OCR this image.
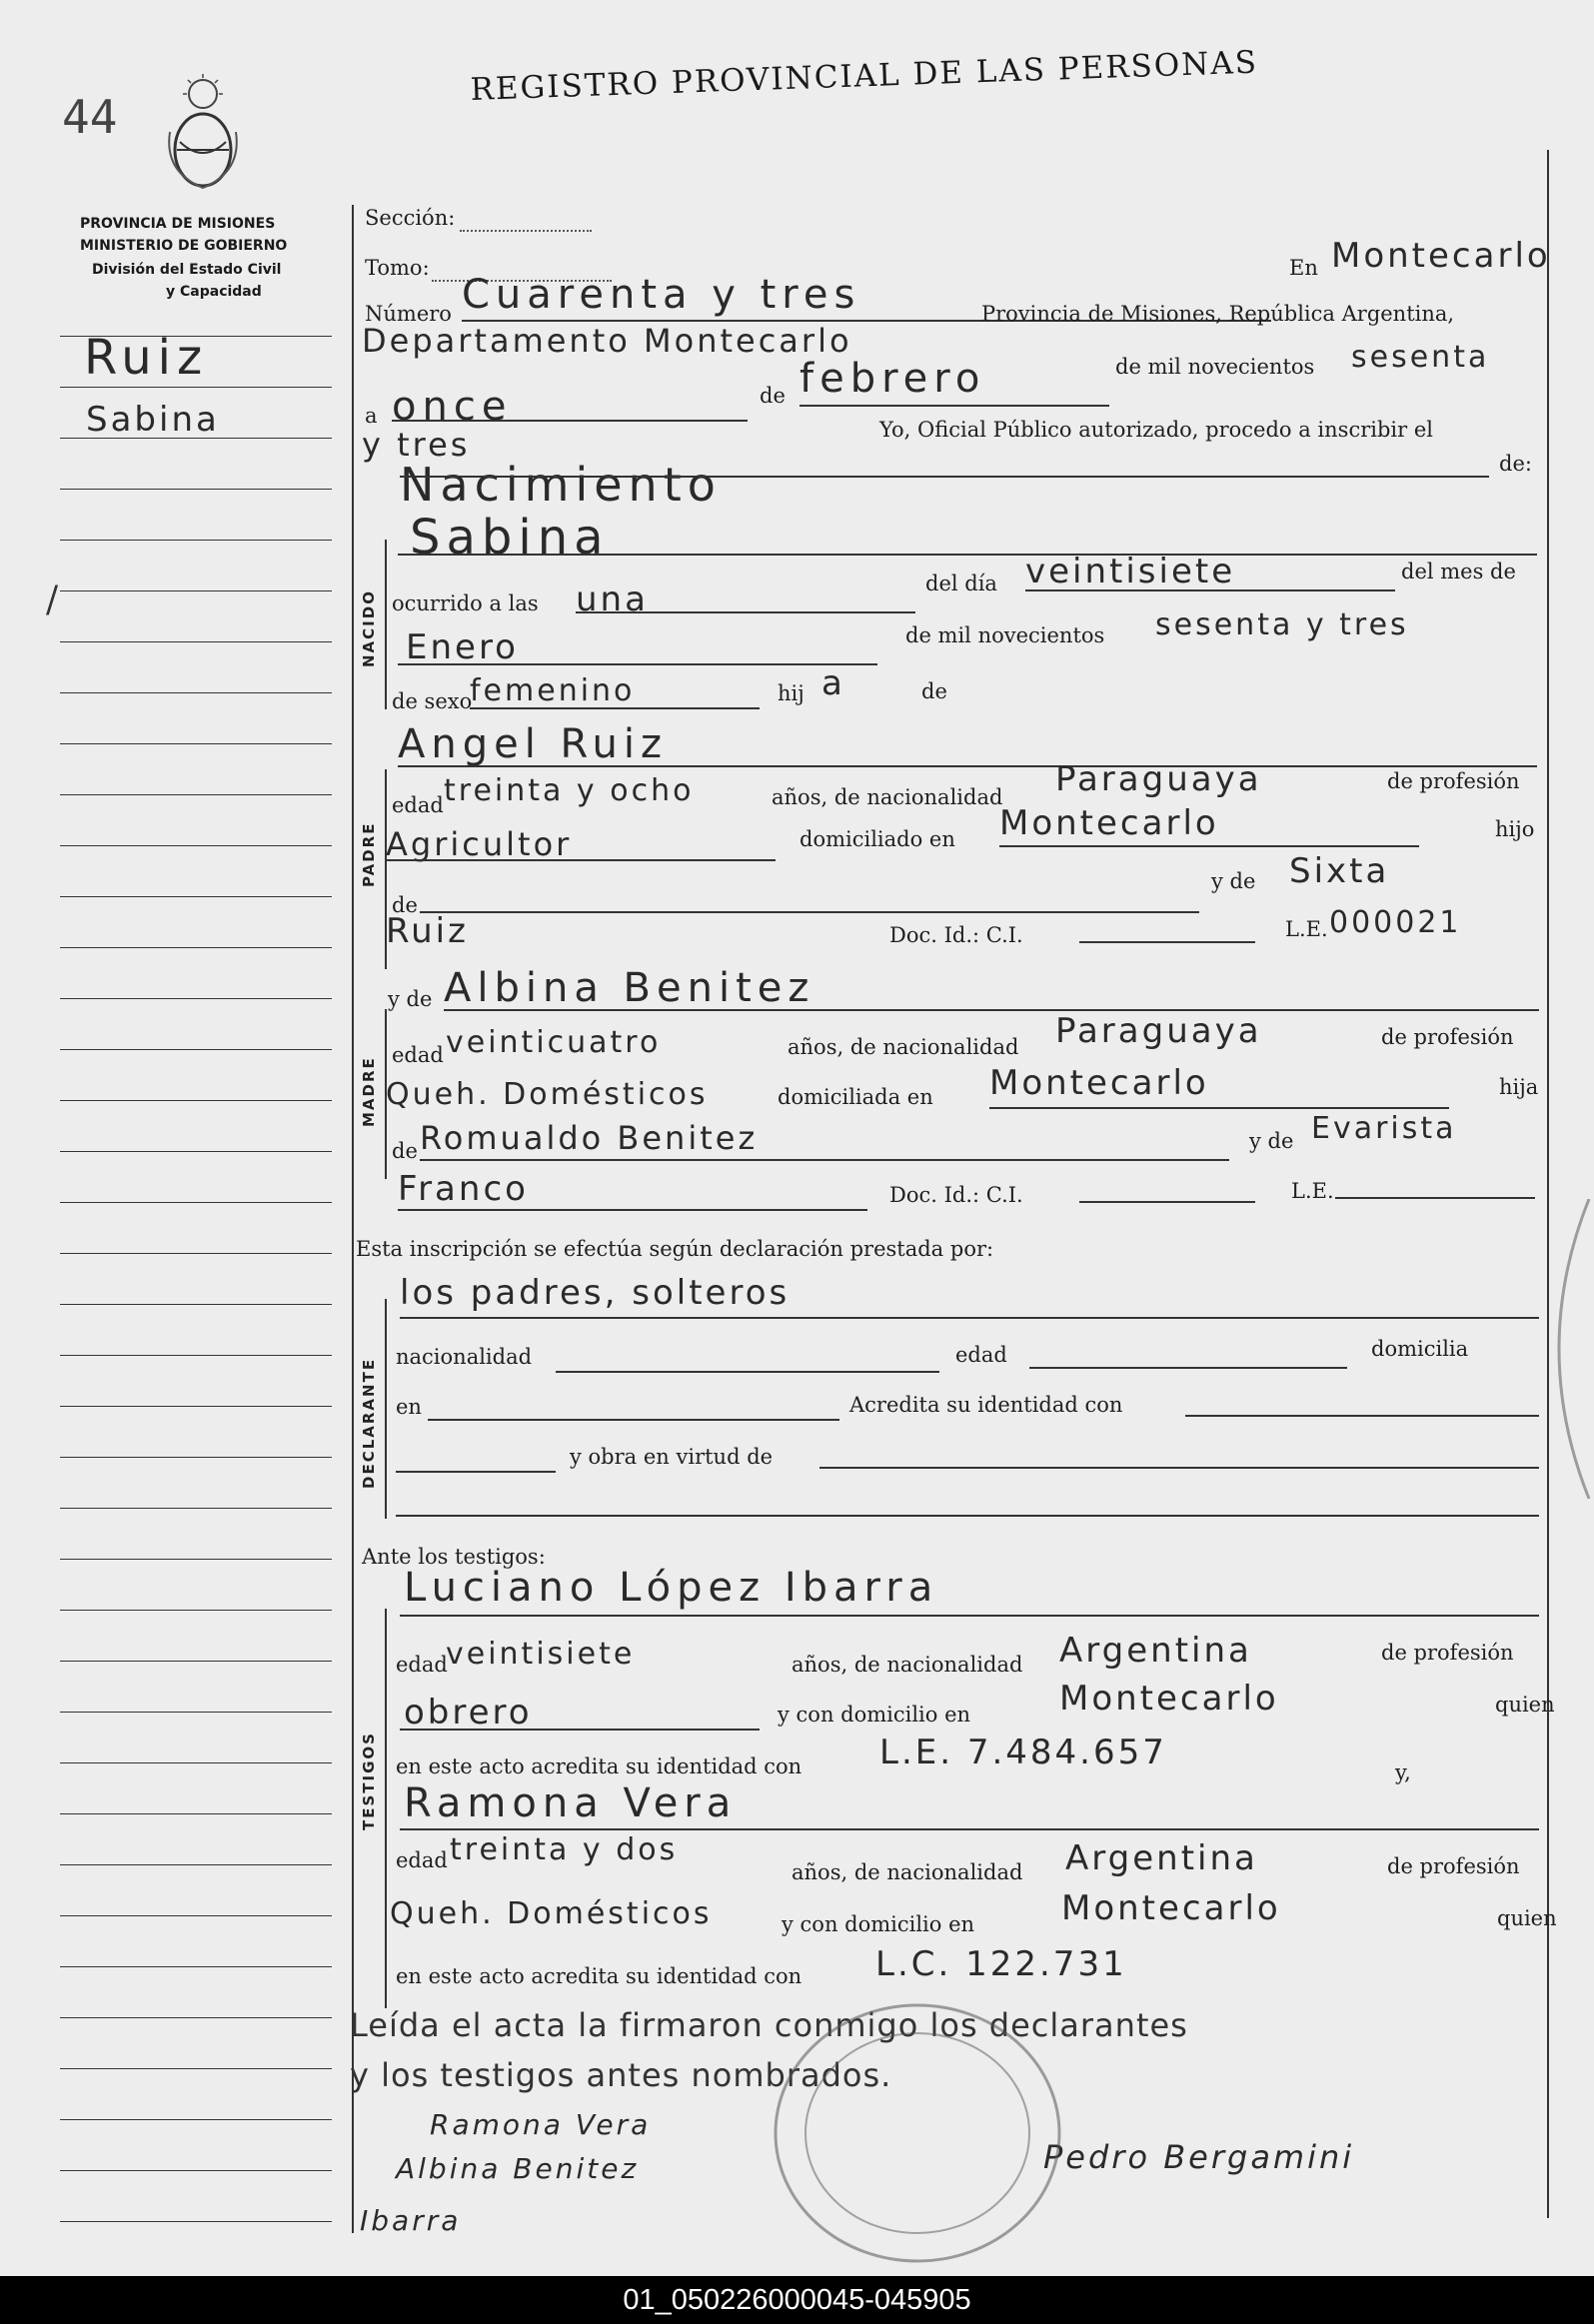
44
REGISTRO PROVINCIAL DE LAS PERSONAS
PROVINCIA DE MISIONES
MINISTERIO DE GOBIERNO
División del Estado Civil
y Capacidad
Ruiz
Sabina
/
Sección:
Tomo:	En Montecarlo
Número Cuarenta y tres
Departamento Montecarlo
Provincia de Misiones, República Argentina,
de mil novecientos sesenta
a once	de febrero
Yo, Oficial Público autorizado, procedo a inscribir el
y tres
Nacimiento	de:
NACIDO
Sabina
ocurrido a las una	del día veintisiete	del mes de
Enero	de mil novecientos sesenta y tres
de sexo
femenino	hij a	de
PADRE
Angel Ruiz
edad treinta y ocho	años, de nacionalidad Paraguaya	de profesión
Agricultor	domiciliado en Montecarlo	hijo
de
y de Sixta
Ruiz	Doc. Id.: C.I.	L.E. 000021
MADRE
y de Albina Benitez
edad veinticuatro	años, de nacionalidad Paraguaya	de profesión
Queh. Domésticos	domiciliada en Montecarlo	hija
de Romualdo Benitez	y de Evarista
Franco	Doc. Id.: C.I.	L.E.
Esta inscripción se efectúa según declaración prestada por:
DECLARANTE
los padres, solteros
nacionalidad	edad	domicilia
en	Acredita su identidad con
y obra en virtud de
Ante los testigos:
TESTIGOS
Luciano López Ibarra
edad
veintisiete	años, de nacionalidad Argentina	de profesión
obrero	y con domicilio en	Montecarlo	quien
en este acto acredita su identidad con L.E. 7.484.657	y,
Ramona Vera
edad treinta y dos
años, de nacionalidad Argentina	de profesión
Queh. Domésticos	y con domicilio en	Montecarlo	quien
en este acto acredita su identidad con L.C. 122.731
Leída el acta la firmaron conmigo los declarantes
y los testigos antes nombrados.
Ramona Vera
Albina Benitez
Ibarra
Pedro Bergamini
01_050226000045-045905
